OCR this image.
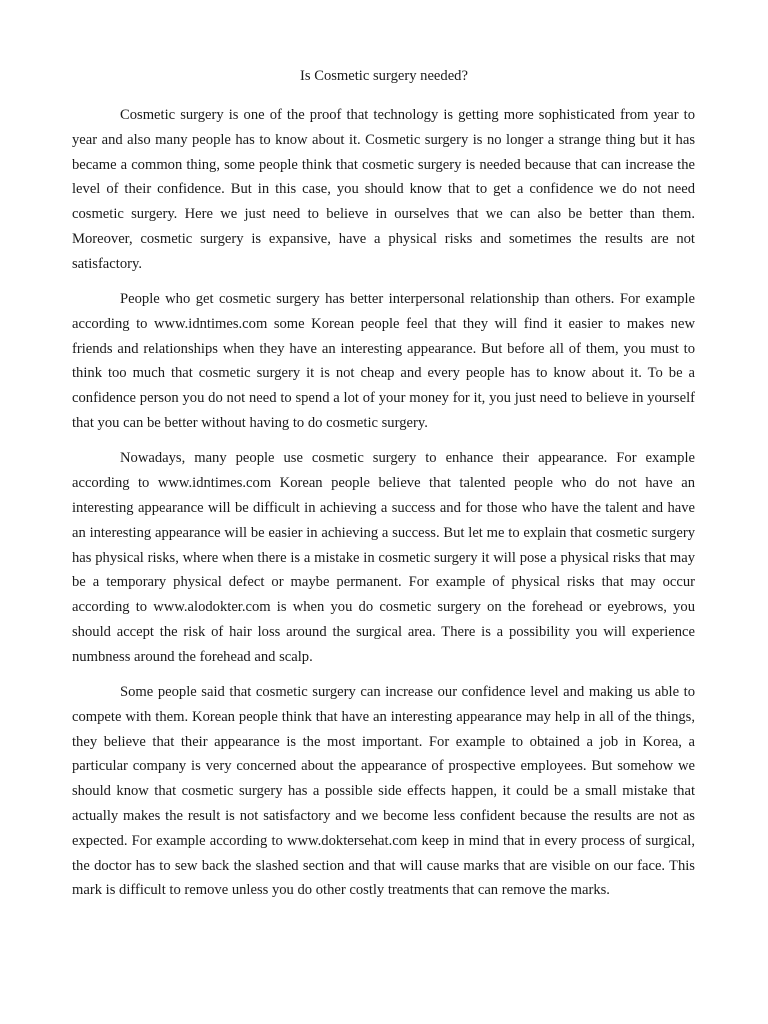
Is Cosmetic surgery needed?

Cosmetic surgery is one of the proof that technology is getting more sophisticated from year to year and also many people has to know about it. Cosmetic surgery is no longer a strange thing but it has became a common thing, some people think that cosmetic surgery is needed because that can increase the level of their confidence. But in this case, you should know that to get a confidence we do not need cosmetic surgery. Here we just need to believe in ourselves that we can also be better than them. Moreover, cosmetic surgery is expansive, have a physical risks and sometimes the results are not satisfactory.

People who get cosmetic surgery has better interpersonal relationship than others. For example according to www.idntimes.com some Korean people feel that they will find it easier to makes new friends and relationships when they have an interesting appearance. But before all of them, you must to think too much that cosmetic surgery it is not cheap and every people has to know about it. To be a confidence person you do not need to spend a lot of your money for it, you just need to believe in yourself that you can be better without having to do cosmetic surgery.

Nowadays, many people use cosmetic surgery to enhance their appearance. For example according to www.idntimes.com Korean people believe that talented people who do not have an interesting appearance will be difficult in achieving a success and for those who have the talent and have an interesting appearance will be easier in achieving a success. But let me to explain that cosmetic surgery has physical risks, where when there is a mistake in cosmetic surgery it will pose a physical risks that may be a temporary physical defect or maybe permanent. For example of physical risks that may occur according to www.alodokter.com is when you do cosmetic surgery on the forehead or eyebrows, you should accept the risk of hair loss around the surgical area. There is a possibility you will experience numbness around the forehead and scalp.

Some people said that cosmetic surgery can increase our confidence level and making us able to compete with them. Korean people think that have an interesting appearance may help in all of the things, they believe that their appearance is the most important. For example to obtained a job in Korea, a particular company is very concerned about the appearance of prospective employees. But somehow we should know that cosmetic surgery has a possible side effects happen, it could be a small mistake that actually makes the result is not satisfactory and we become less confident because the results are not as expected. For example according to www.doktersehat.com keep in mind that in every process of surgical, the doctor has to sew back the slashed section and that will cause marks that are visible on our face. This mark is difficult to remove unless you do other costly treatments that can remove the marks.
